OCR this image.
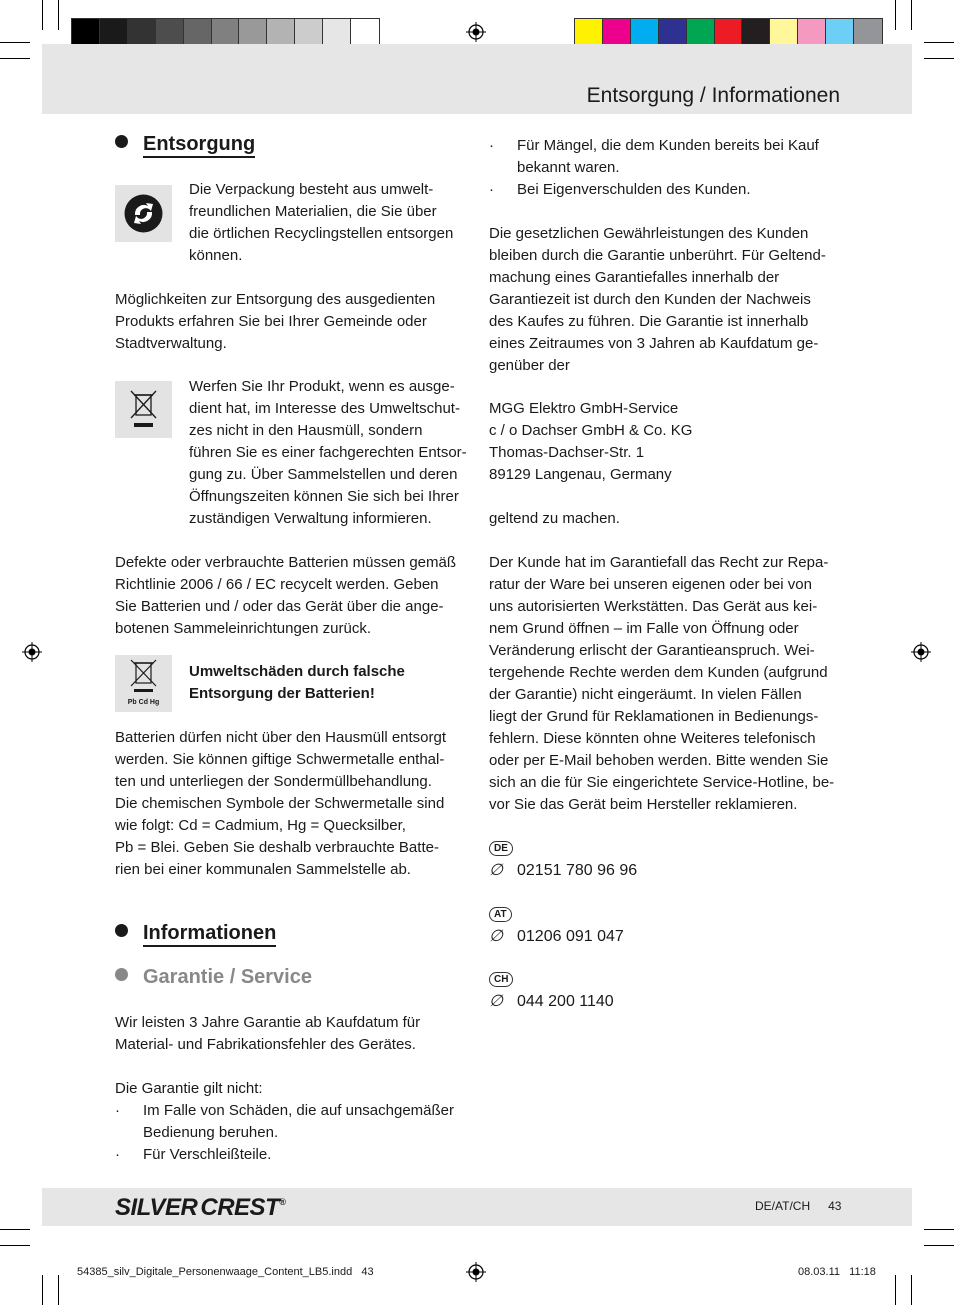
Entsorgung / Informationen
Entsorgung
Die Verpackung besteht aus umwelt-
freundlichen Materialien, die Sie über
die örtlichen Recyclingstellen entsorgen
können.
Möglichkeiten zur Entsorgung des ausgedienten
Produkts erfahren Sie bei Ihrer Gemeinde oder
Stadtverwaltung.
Werfen Sie Ihr Produkt, wenn es ausge-
dient hat, im Interesse des Umweltschut-
zes nicht in den Hausmüll, sondern
führen Sie es einer fachgerechten Entsor-
gung zu. Über Sammelstellen und deren
Öffnungszeiten können Sie sich bei Ihrer
zuständigen Verwaltung informieren.
Defekte oder verbrauchte Batterien müssen gemäß
Richtlinie 2006 / 66 / EC recycelt werden. Geben
Sie Batterien und / oder das Gerät über die ange-
botenen Sammeleinrichtungen zurück.
Pb Cd Hg
Umweltschäden durch falsche
Entsorgung der Batterien!
Batterien dürfen nicht über den Hausmüll entsorgt
werden. Sie können giftige Schwermetalle enthal-
ten und unterliegen der Sondermüllbehandlung.
Die chemischen Symbole der Schwermetalle sind
wie folgt: Cd = Cadmium, Hg = Quecksilber,
Pb = Blei. Geben Sie deshalb verbrauchte Batte-
rien bei einer kommunalen Sammelstelle ab.
Informationen
Garantie / Service
Wir leisten 3 Jahre Garantie ab Kaufdatum für
Material- und Fabrikationsfehler des Gerätes.
Die Garantie gilt nicht:
· Im Falle von Schäden, die auf unsachgemäßer
Bedienung beruhen.
· Für Verschleißteile.
· Für Mängel, die dem Kunden bereits bei Kauf
bekannt waren.
· Bei Eigenverschulden des Kunden.
Die gesetzlichen Gewährleistungen des Kunden
bleiben durch die Garantie unberührt. Für Geltend-
machung eines Garantiefalles innerhalb der
Garantiezeit ist durch den Kunden der Nachweis
des Kaufes zu führen. Die Garantie ist innerhalb
eines Zeitraumes von 3 Jahren ab Kaufdatum ge-
genüber der
MGG Elektro GmbH-Service
c / o Dachser GmbH & Co. KG
Thomas-Dachser-Str. 1
89129 Langenau, Germany
geltend zu machen.
Der Kunde hat im Garantiefall das Recht zur Repa-
ratur der Ware bei unseren eigenen oder bei von
uns autorisierten Werkstätten. Das Gerät aus kei-
nem Grund öffnen – im Falle von Öffnung oder
Veränderung erlischt der Garantieanspruch. Wei-
tergehende Rechte werden dem Kunden (aufgrund
der Garantie) nicht eingeräumt. In vielen Fällen
liegt der Grund für Reklamationen in Bedienungs-
fehlern. Diese könnten ohne Weiteres telefonisch
oder per E-Mail behoben werden. Bitte wenden Sie
sich an die für Sie eingerichtete Service-Hotline, be-
vor Sie das Gerät beim Hersteller reklamieren.
DE
∅ 02151 780 96 96
AT
∅ 01206 091 047
CH
∅ 044 200 1140
SILVER CREST®	DE/AT/CH 43
54385_silv_Digitale_Personenwaage_Content_LB5.indd   43	08.03.11   11:18
